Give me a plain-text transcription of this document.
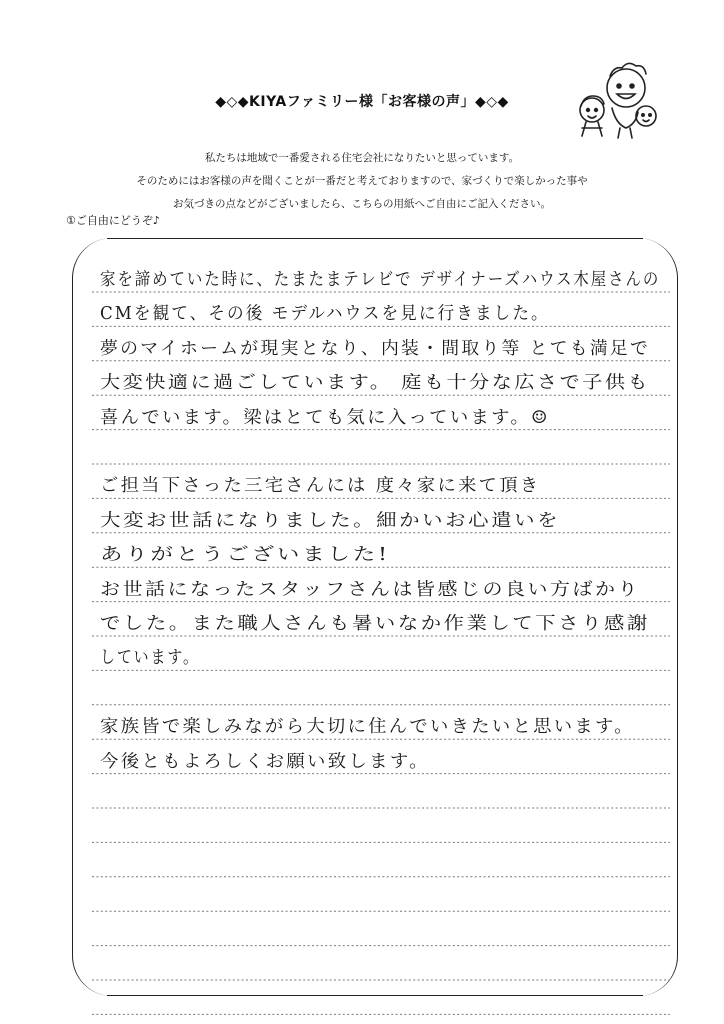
◆◇◆KIYAファミリー様「お客様の声」◆◇◆
私たちは地域で一番愛される住宅会社になりたいと思っています。
そのためにはお客様の声を聞くことが一番だと考えておりますので、家づくりで楽しかった事や
お気づきの点などがございましたら、こちらの用紙へご自由にご記入ください。
①ご自由にどうぞ♪
家を諦めていた時に、たまたまテレビで デザイナーズハウス木屋さんの
CMを観て、その後 モデルハウスを見に行きました。
夢のマイホームが現実となり、内装・間取り等 とても満足で
大変快適に過ごしています。 庭も十分な広さで子供も
喜んでいます。梁はとても気に入っています。☺
ご担当下さった三宅さんには 度々家に来て頂き
大変お世話になりました。細かいお心遣いを
ありがとうございました!
お世話になったスタッフさんは皆感じの良い方ばかり
でした。また職人さんも暑いなか作業して下さり感謝
しています。
家族皆で楽しみながら大切に住んでいきたいと思います。
今後ともよろしくお願い致します。
